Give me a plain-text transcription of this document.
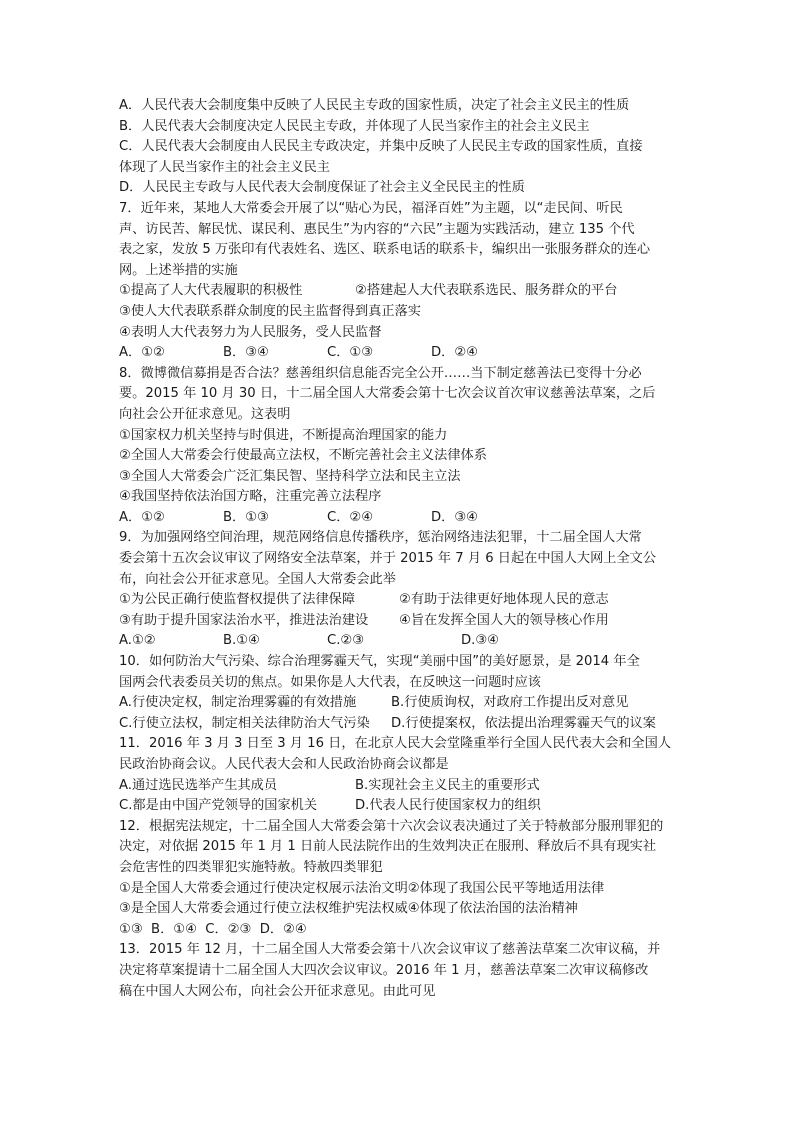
A．人民代表大会制度集中反映了人民民主专政的国家性质，决定了社会主义民主的性质
B．人民代表大会制度决定人民民主专政，并体现了人民当家作主的社会主义民主
C．人民代表大会制度由人民民主专政决定，并集中反映了人民民主专政的国家性质，直接
体现了人民当家作主的社会主义民主
D．人民民主专政与人民代表大会制度保证了社会主义全民民主的性质
7．近年来，某地人大常委会开展了以“贴心为民，福泽百姓”为主题，以“走民间、听民
声、访民苦、解民忧、谋民利、惠民生”为内容的“六民”主题为实践活动，建立 135 个代
表之家，发放 5 万张印有代表姓名、选区、联系电话的联系卡，编织出一张服务群众的连心
网。上述举措的实施
①提高了人大代表履职的积极性	②搭建起人大代表联系选民、服务群众的平台
③使人大代表联系群众制度的民主监督得到真正落实
④表明人大代表努力为人民服务，受人民监督
A．①②	B．③④	C．①③	D．②④
8．微博微信募捐是否合法？慈善组织信息能否完全公开……当下制定慈善法已变得十分必
要。2015 年 10 月 30 日，十二届全国人大常委会第十七次会议首次审议慈善法草案，之后
向社会公开征求意见。这表明
①国家权力机关坚持与时俱进，不断提高治理国家的能力
②全国人大常委会行使最高立法权，不断完善社会主义法律体系
③全国人大常委会广泛汇集民智、坚持科学立法和民主立法
④我国坚持依法治国方略，注重完善立法程序
A．①②	B．①③	C．②④	D．③④
9．为加强网络空间治理，规范网络信息传播秩序，惩治网络违法犯罪，十二届全国人大常
委会第十五次会议审议了网络安全法草案，并于 2015 年 7 月 6 日起在中国人大网上全文公
布，向社会公开征求意见。全国人大常委会此举
①为公民正确行使监督权提供了法律保障	②有助于法律更好地体现人民的意志
③有助于提升国家法治水平，推进法治建设	④旨在发挥全国人大的领导核心作用
A.①②	B.①④	C.②③	D.③④
10．如何防治大气污染、综合治理雾霾天气，实现“美丽中国”的美好愿景，是 2014 年全
国两会代表委员关切的焦点。如果你是人大代表，在反映这一问题时应该
A.行使决定权，制定治理雾霾的有效措施	B.行使质询权，对政府工作提出反对意见
C.行使立法权，制定相关法律防治大气污染	D.行使提案权，依法提出治理雾霾天气的议案
11．2016 年 3 月 3 日至 3 月 16 日，在北京人民大会堂隆重举行全国人民代表大会和全国人
民政治协商会议。人民代表大会和人民政治协商会议都是
A.通过选民选举产生其成员	B.实现社会主义民主的重要形式
C.都是由中国产党领导的国家机关	D.代表人民行使国家权力的组织
12．根据宪法规定，十二届全国人大常委会第十六次会议表决通过了关于特赦部分服刑罪犯的
决定，对依据 2015 年 1 月 1 日前人民法院作出的生效判决正在服刑、释放后不具有现实社
会危害性的四类罪犯实施特赦。特赦四类罪犯
①是全国人大常委会通过行使决定权展示法治文明②体现了我国公民平等地适用法律
③是全国人大常委会通过行使立法权维护宪法权威④体现了依法治国的法治精神
①③  B．①④  C．②③  D．②④
13．2015 年 12 月，十二届全国人大常委会第十八次会议审议了慈善法草案二次审议稿，并
决定将草案提请十二届全国人大四次会议审议。2016 年 1 月，慈善法草案二次审议稿修改
稿在中国人大网公布，向社会公开征求意见。由此可见
